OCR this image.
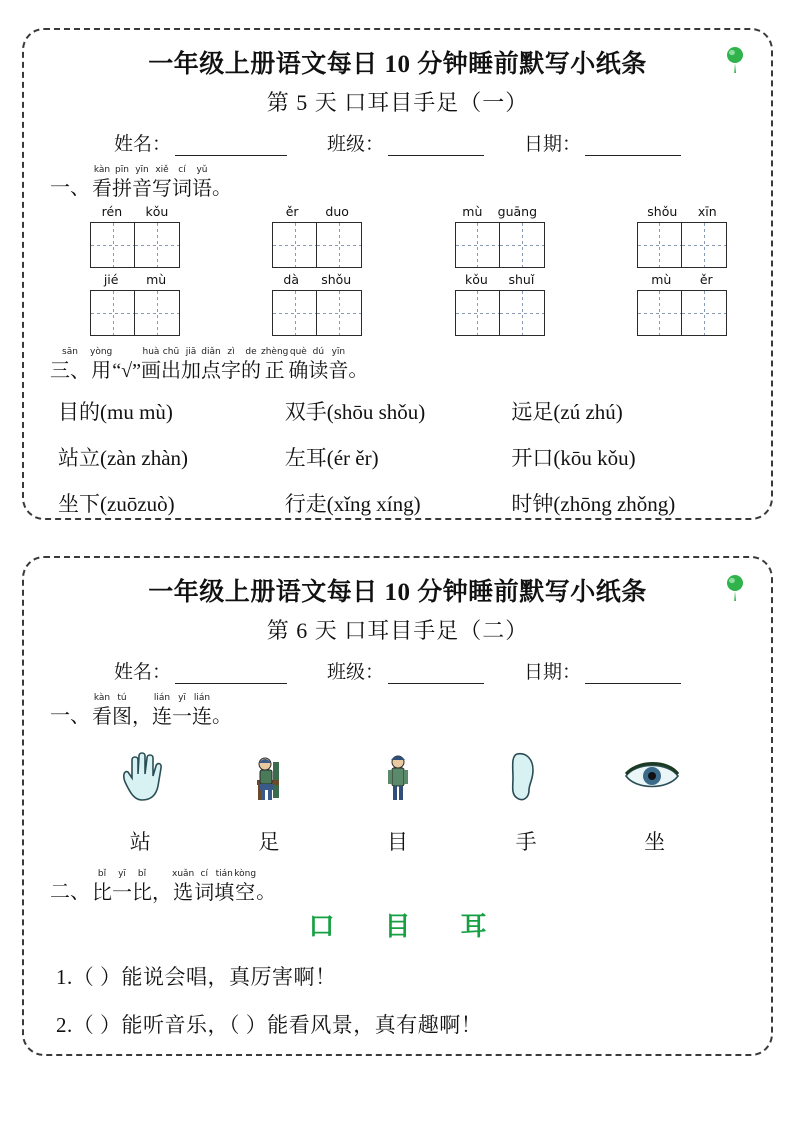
一年级上册语文每日 10 分钟睡前默写小纸条
第 5 天 口耳目手足（一）
姓名：	班级：	日期：
一、
kàn
看
pīn
拼
yīn
音
xiě
写
cí
词
yǔ
语 。
rén kǒu	ěr duo	mù guāng	shǒu xīn
jié mù	dà shǒu	kǒu shuǐ	mù ěr
sān
三、
yòng
用 “√”
huà
画
chū
出
jiā
加
diǎn
点
zì
字
de
的
zhèng
正
què
确
dú
读
yīn
音 。
目的 (mu mù)	双手 (shōu shǒu)	远足 (zú zhú)
站立 (zàn zhàn)	左耳 (ér ěr)	开口 (kōu kǒu)
坐下 (zuōzuò)	行走 (xǐng xíng)	时钟 (zhōng zhǒng)
一年级上册语文每日 10 分钟睡前默写小纸条
第 6 天 口耳目手足（二）
姓名：	班级：	日期：
一、
kàn
看
tú
图 ，
lián
连
yī
一
lián
连 。
站	足	目	手	坐
二、
bǐ
比
yī
一
bǐ
比 ，
xuǎn
选
cí
词
tián
填
kòng
空 。
口 目 耳
1.（ ）能说会唱，真厉害啊！
2.（ ）能听音乐，（ ）能看风景，真有趣啊！
